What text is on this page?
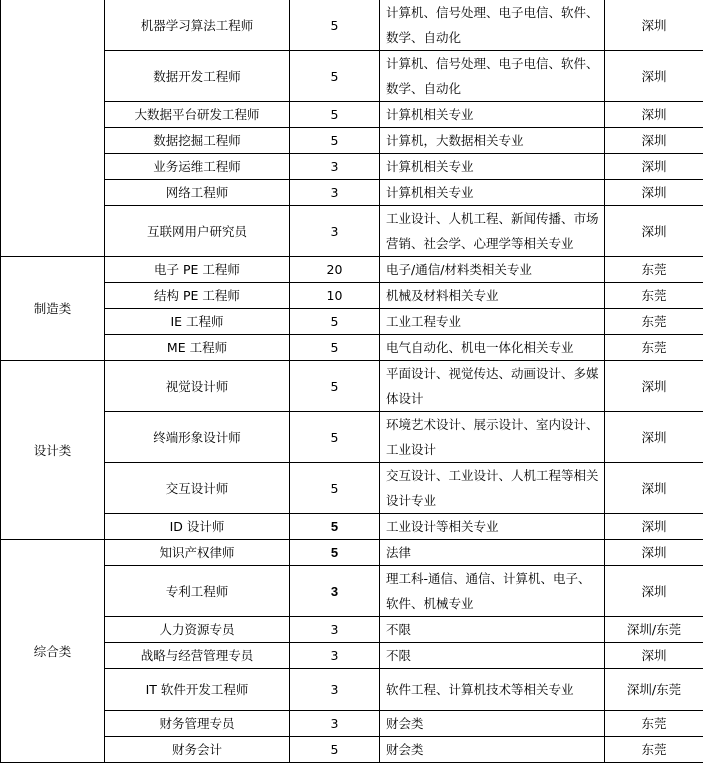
	机器学习算法工程师	5	计算机、信号处理、电子电信、软件、数学、自动化	深圳
	数据开发工程师	5	计算机、信号处理、电子电信、软件、数学、自动化	深圳
	大数据平台研发工程师	5	计算机相关专业	深圳
	数据挖掘工程师	5	计算机，大数据相关专业	深圳
	业务运维工程师	3	计算机相关专业	深圳
	网络工程师	3	计算机相关专业	深圳
	互联网用户研究员	3	工业设计、人机工程、新闻传播、市场营销、社会学、心理学等相关专业	深圳
制造类	电子 PE 工程师	20	电子/通信/材料类相关专业	东莞
	结构 PE 工程师	10	机械及材料相关专业	东莞
	IE 工程师	5	工业工程专业	东莞
	ME 工程师	5	电气自动化、机电一体化相关专业	东莞
设计类	视觉设计师	5	平面设计、视觉传达、动画设计、多媒体设计	深圳
	终端形象设计师	5	环境艺术设计、展示设计、室内设计、工业设计	深圳
	交互设计师	5	交互设计、工业设计、人机工程等相关设计专业	深圳
	ID 设计师	5	工业设计等相关专业	深圳
综合类	知识产权律师	5	法律	深圳
	专利工程师	3	理工科-通信、通信、计算机、电子、软件、机械专业	深圳
	人力资源专员	3	不限	深圳/东莞
	战略与经营管理专员	3	不限	深圳
	IT 软件开发工程师	3	软件工程、计算机技术等相关专业	深圳/东莞
	财务管理专员	3	财会类	东莞
	财务会计	5	财会类	东莞
